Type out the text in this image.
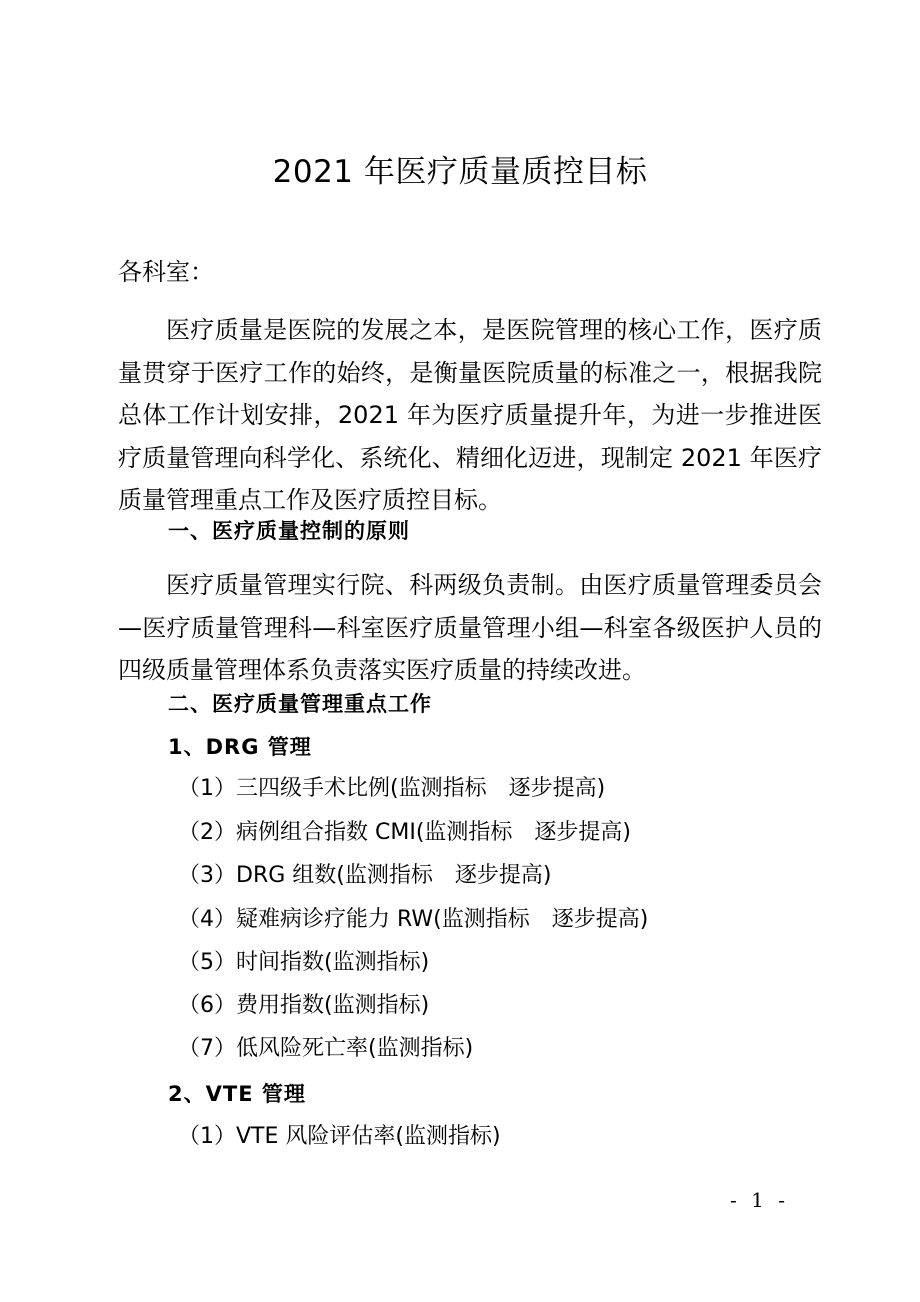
2021 年医疗质量质控目标
各科室：

医疗质量是医院的发展之本，是医院管理的核心工作，医疗质量贯穿于医疗工作的始终，是衡量医院质量的标准之一，根据我院总体工作计划安排，2021 年为医疗质量提升年，为进一步推进医疗质量管理向科学化、系统化、精细化迈进，现制定 2021 年医疗质量管理重点工作及医疗质控目标。

一、医疗质量控制的原则

医疗质量管理实行院、科两级负责制。由医疗质量管理委员会—医疗质量管理科—科室医疗质量管理小组—科室各级医护人员的四级质量管理体系负责落实医疗质量的持续改进。

二、医疗质量管理重点工作
1、DRG 管理
（1）三四级手术比例(监测指标　逐步提高)
（2）病例组合指数 CMI(监测指标　逐步提高)
（3）DRG 组数(监测指标　逐步提高)
（4）疑难病诊疗能力 RW(监测指标　逐步提高)
（5）时间指数(监测指标)
（6）费用指数(监测指标)
（7）低风险死亡率(监测指标)
2、VTE 管理
（1）VTE 风险评估率(监测指标)
- 1 -
